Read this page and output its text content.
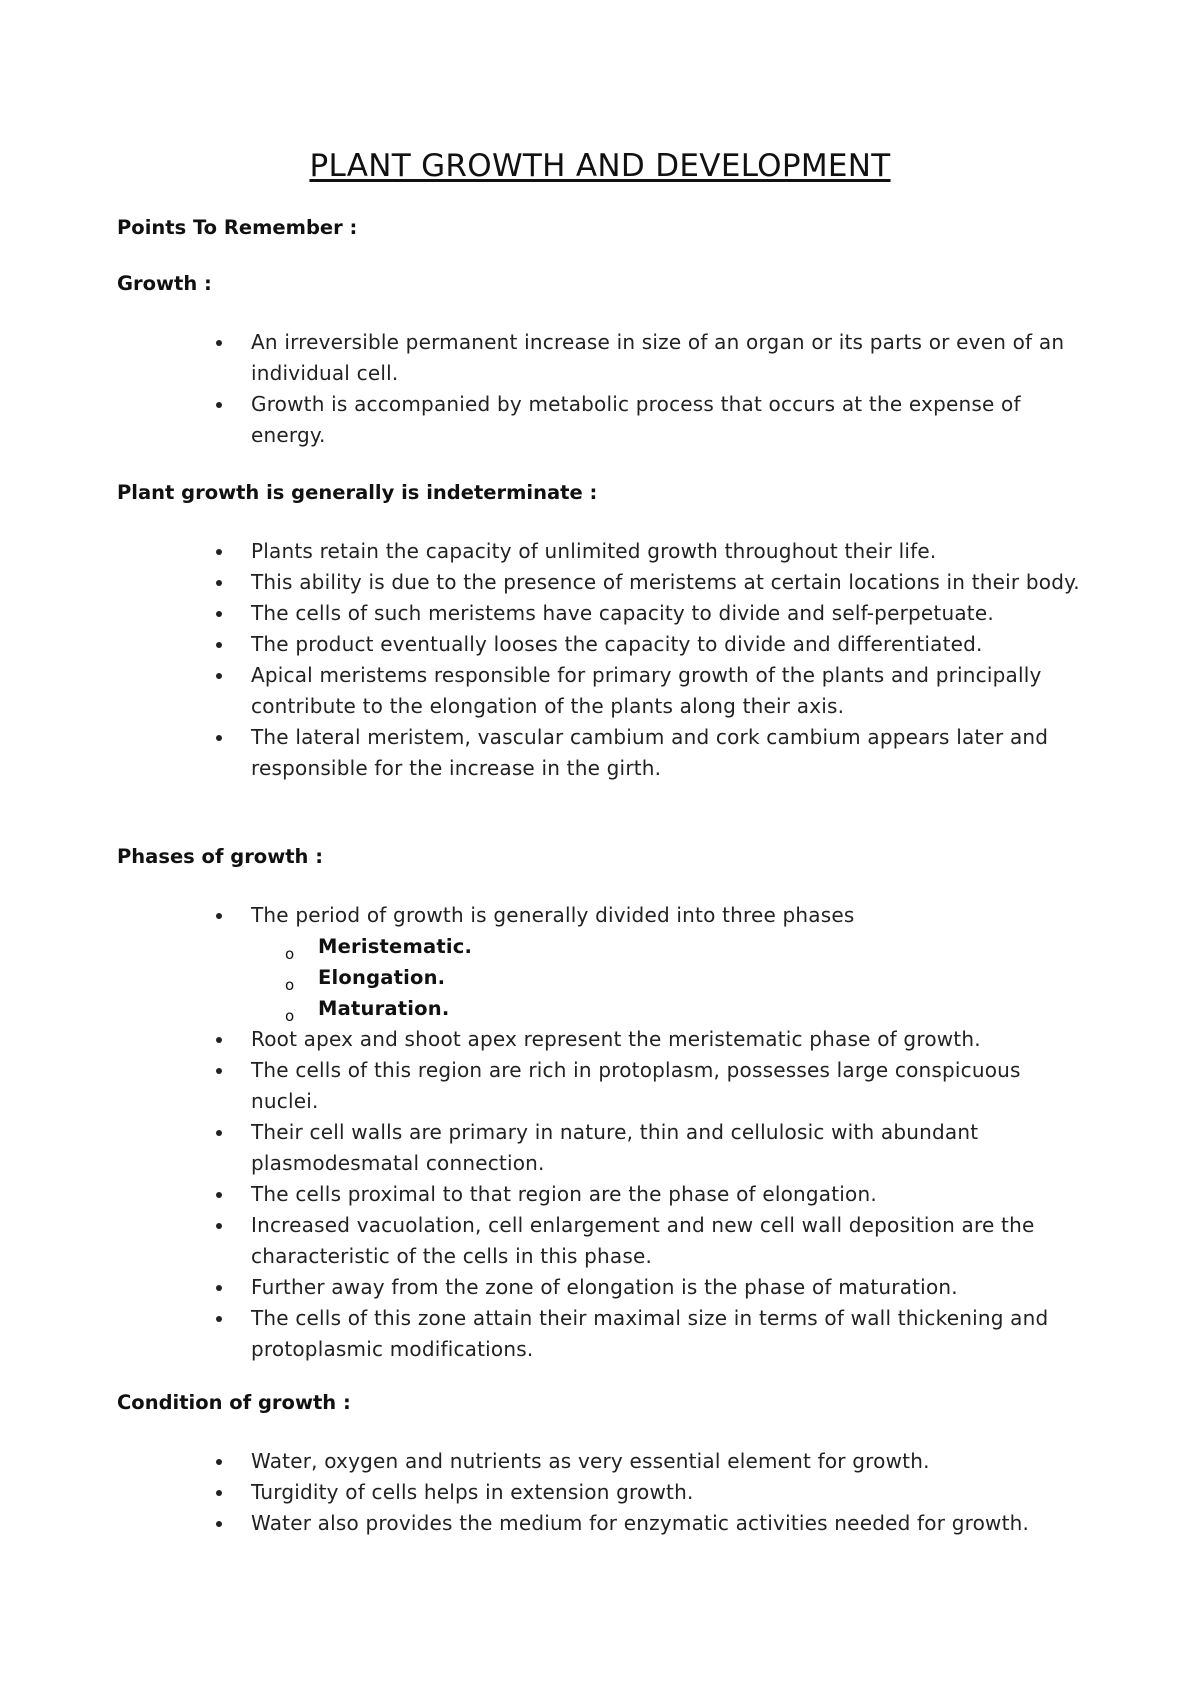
PLANT GROWTH AND DEVELOPMENT

Points To Remember :

Growth :

An irreversible permanent increase in size of an organ or its parts or even of an individual cell.
Growth is accompanied by metabolic process that occurs at the expense of energy.

Plant growth is generally is indeterminate :

Plants retain the capacity of unlimited growth throughout their life.
This ability is due to the presence of meristems at certain locations in their body.
The cells of such meristems have capacity to divide and self-perpetuate.
The product eventually looses the capacity to divide and differentiated.
Apical meristems responsible for primary growth of the plants and principally contribute to the elongation of the plants along their axis.
The lateral meristem, vascular cambium and cork cambium appears later and responsible for the increase in the girth.

Phases of growth :

The period of growth is generally divided into three phases
o Meristematic.
o Elongation.
o Maturation.
Root apex and shoot apex represent the meristematic phase of growth.
The cells of this region are rich in protoplasm, possesses large conspicuous nuclei.
Their cell walls are primary in nature, thin and cellulosic with abundant plasmodesmatal connection.
The cells proximal to that region are the phase of elongation.
Increased vacuolation, cell enlargement and new cell wall deposition are the characteristic of the cells in this phase.
Further away from the zone of elongation is the phase of maturation.
The cells of this zone attain their maximal size in terms of wall thickening and protoplasmic modifications.

Condition of growth :

Water, oxygen and nutrients as very essential element for growth.
Turgidity of cells helps in extension growth.
Water also provides the medium for enzymatic activities needed for growth.
